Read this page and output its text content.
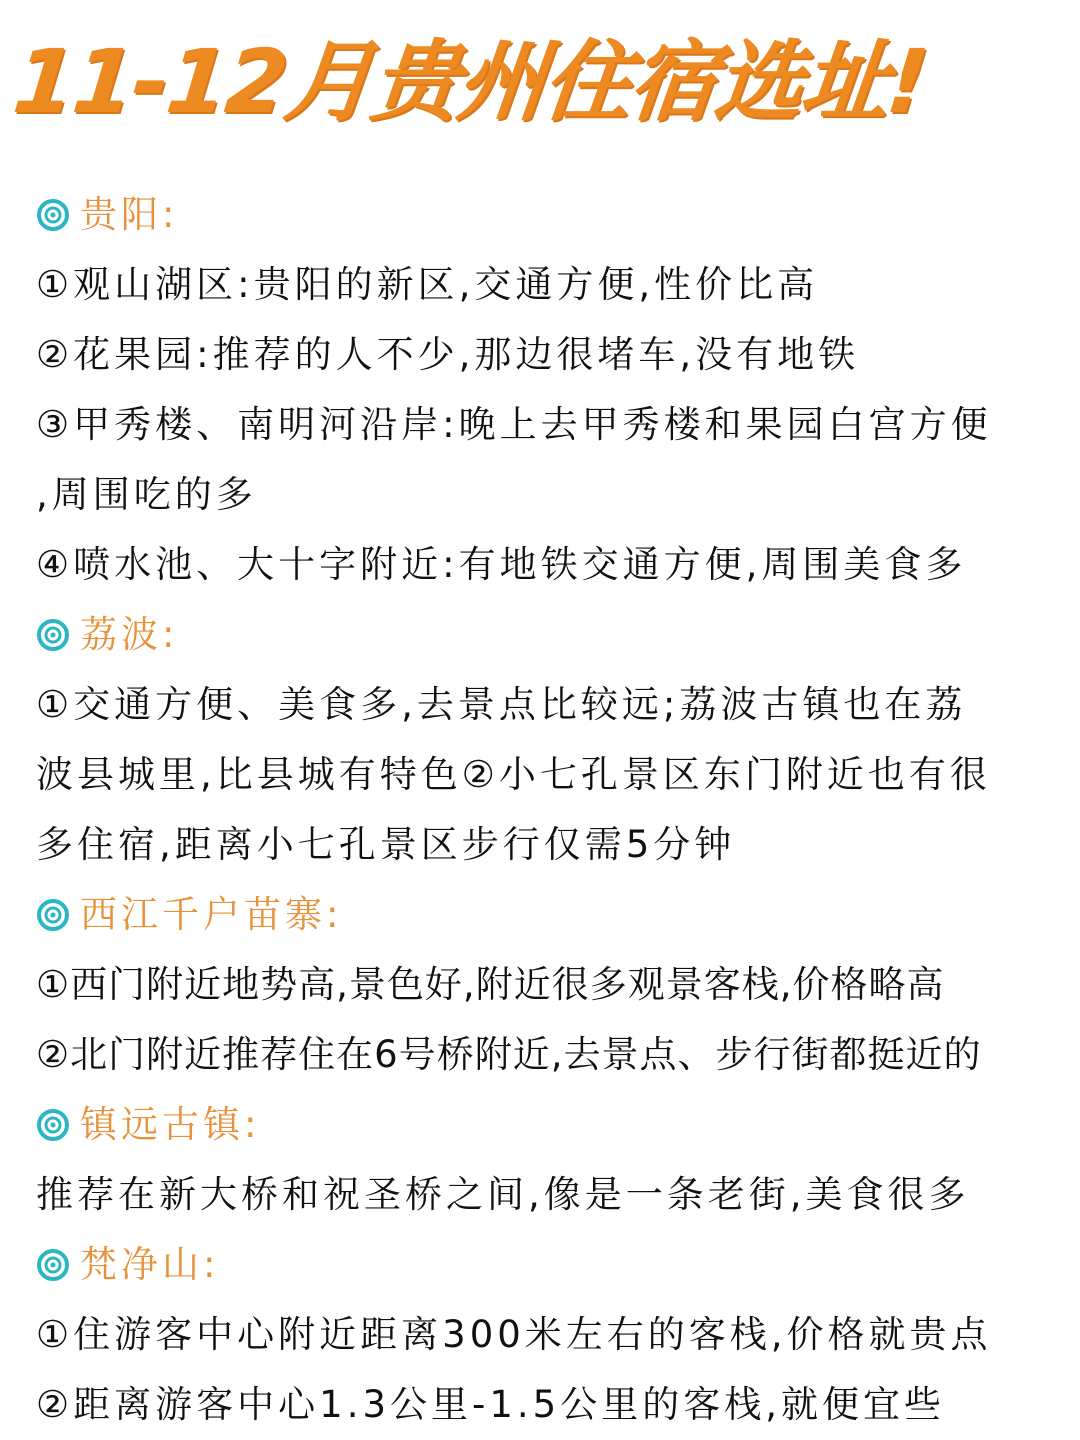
11-12月贵州住宿选址!
贵阳:
①观山湖区:贵阳的新区,交通方便,性价比高
②花果园:推荐的人不少,那边很堵车,没有地铁
③甲秀楼、南明河沿岸:晚上去甲秀楼和果园白宫方便
,周围吃的多
④喷水池、大十字附近:有地铁交通方便,周围美食多
荔波:
①交通方便、美食多,去景点比较远;荔波古镇也在荔
波县城里,比县城有特色②小七孔景区东门附近也有很
多住宿,距离小七孔景区步行仅需5分钟
西江千户苗寨:
①西门附近地势高,景色好,附近很多观景客栈,价格略高
②北门附近推荐住在6号桥附近,去景点、步行街都挺近的
镇远古镇:
推荐在新大桥和祝圣桥之间,像是一条老街,美食很多
梵净山:
①住游客中心附近距离300米左右的客栈,价格就贵点
②距离游客中心1.3公里-1.5公里的客栈,就便宜些
